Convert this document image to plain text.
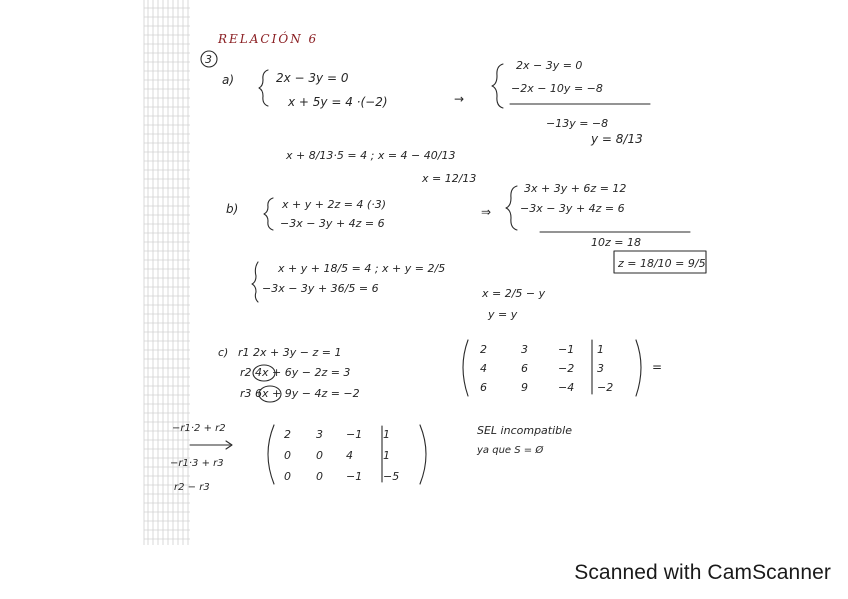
RELACIÓN 6
3
a)	2x − 3y = 0
x + 5y = 4 ·(−2)	→
2x − 3y = 0
−2x − 10y = −8
−13y = −8
y = 8/13
x + 8/13·5 = 4 ; x = 4 − 40/13
x = 12/13
b)	x + y + 2z = 4 (·3)
−3x − 3y + 4z = 6
⇒
3x + 3y + 6z = 12
−3x − 3y + 4z = 6
10z = 18
z = 18/10 = 9/5
x + y + 18/5 = 4 ; x + y = 2/5
−3x − 3y + 36/5 = 6	x = 2/5 − y
y = y
c) r1 2x + 3y − z = 1
r2 4x + 6y − 2z = 3
r3 6x + 9y − 4z = −2
2	3	−1 1
4	6	−2 3
6	9	−4 −2
=
−r1·2 + r2
−r1·3 + r3
r2 − r3
2 3 −1 1
0 0 4	1
0 0 −1 −5
SEL incompatible
ya que S = Ø
Scanned with CamScanner
